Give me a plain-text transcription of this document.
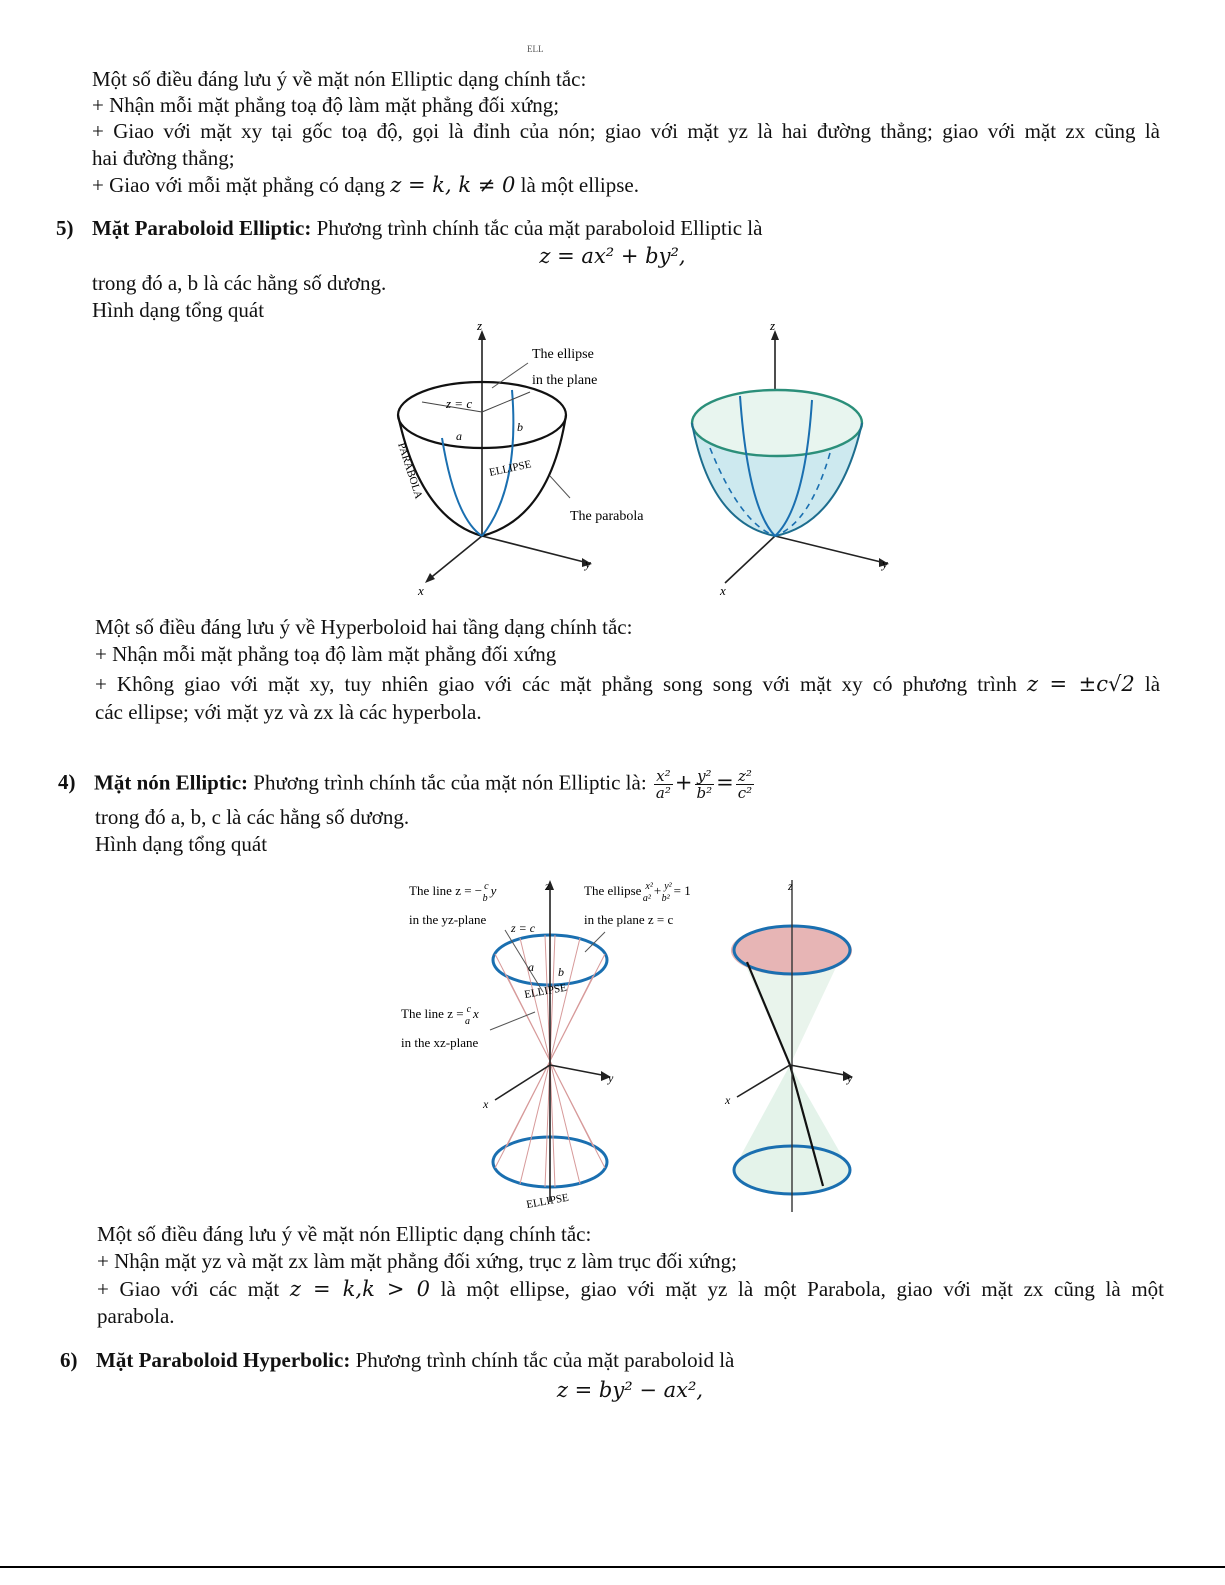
ELL
Một số điều đáng lưu ý về mặt nón Elliptic dạng chính tắc:
+ Nhận mỗi mặt phẳng toạ độ làm mặt phẳng đối xứng;
+ Giao với mặt xy tại gốc toạ độ, gọi là đỉnh của nón; giao với mặt yz là hai đường thẳng; giao với mặt zx cũng là
hai đường thẳng;
+ Giao với mỗi mặt phẳng có dạng z = k, k ≠ 0 là một ellipse.
5) Mặt Paraboloid Elliptic: Phương trình chính tắc của mặt paraboloid Elliptic là
z = ax² + by²,
trong đó a, b là các hằng số dương.
Hình dạng tổng quát
z
y
x
The ellipse
in the plane
z = c
a
b
ELLIPSE
PARABOLA
The parabola
z
y
x
Một số điều đáng lưu ý về Hyperboloid hai tầng dạng chính tắc:
+ Nhận mỗi mặt phẳng toạ độ làm mặt phẳng đối xứng
+ Không giao với mặt xy, tuy nhiên giao với các mặt phẳng song song với mặt xy có phương trình z = ±c√2 là
các ellipse; với mặt yz và zx là các hyperbola.
4) Mặt nón Elliptic: Phương trình chính tắc của mặt nón Elliptic là: $\frac{\text{x²}}{\text{a²}} + \frac{\text{y²}}{\text{b²}} = \frac{\text{z²}}{\text{c²}}$
trong đó a, b, c là các hằng số dương.
Hình dạng tổng quát
z
y
x
The line z = − $^c$ by
in the yz-plane
The ellipse $^{x^2}$ a²+ $^{y^2}$ b²= 1
in the plane z = c
z = c
a b
ELLIPSE
The line z = $^c$ ax
in the xz-plane
ELLIPSE
z
y
x
Một số điều đáng lưu ý về mặt nón Elliptic dạng chính tắc:
+ Nhận mặt yz và mặt zx làm mặt phẳng đối xứng, trục z làm trục đối xứng;
+ Giao với các mặt z = k,k > 0 là một ellipse, giao với mặt yz là một Parabola, giao với mặt zx cũng là một
parabola.
6) Mặt Paraboloid Hyperbolic: Phương trình chính tắc của mặt paraboloid là
z = by² − ax²,
